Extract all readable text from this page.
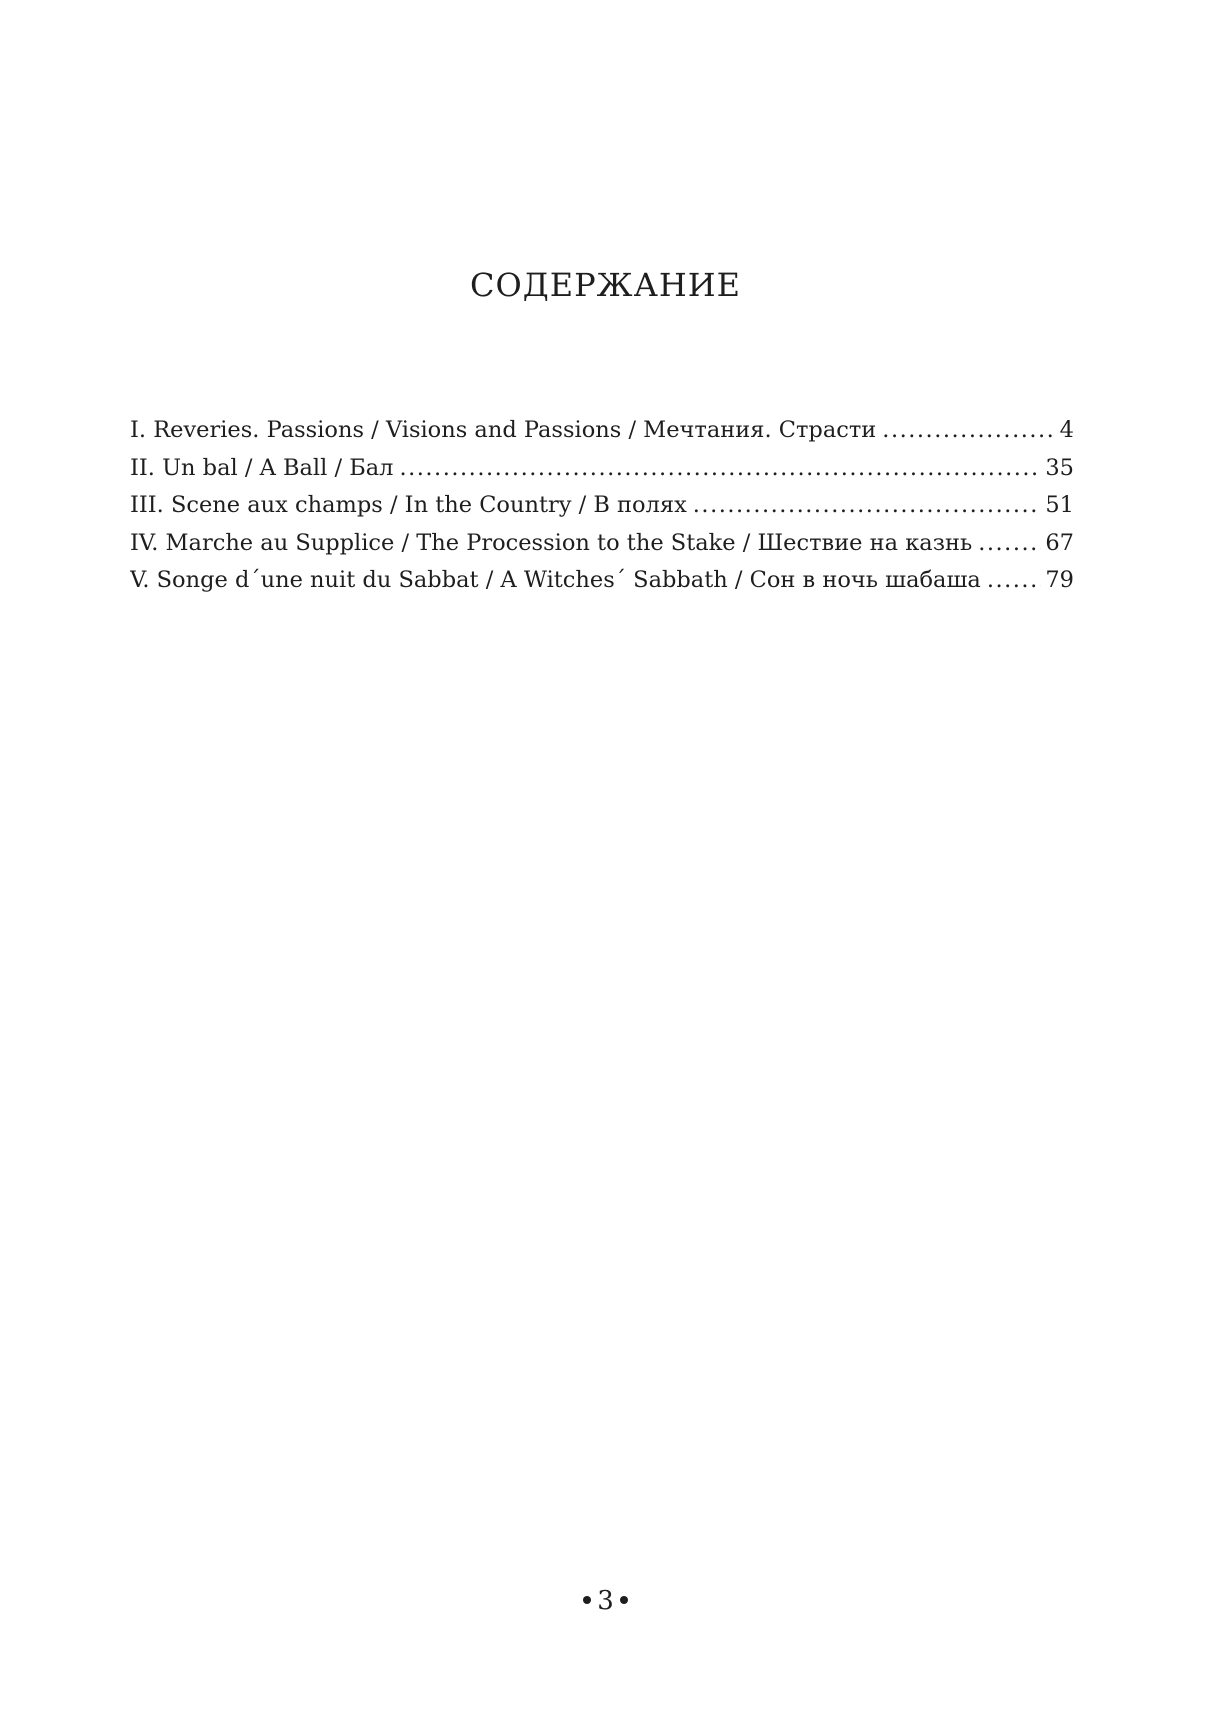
СОДЕРЖАНИЕ
I. Reveries. Passions / Visions and Passions / Мечтания. Страсти .....	4
II. Un bal / A Ball / Бал .....	35
III. Scene aux champs / In the Country / В полях .....	51
IV. Marche au Supplice / The Procession to the Stake / Шествие на казнь .....	67
V. Songe d´une nuit du Sabbat / A Witches´ Sabbath / Сон в ночь шабаша .....	79
3
